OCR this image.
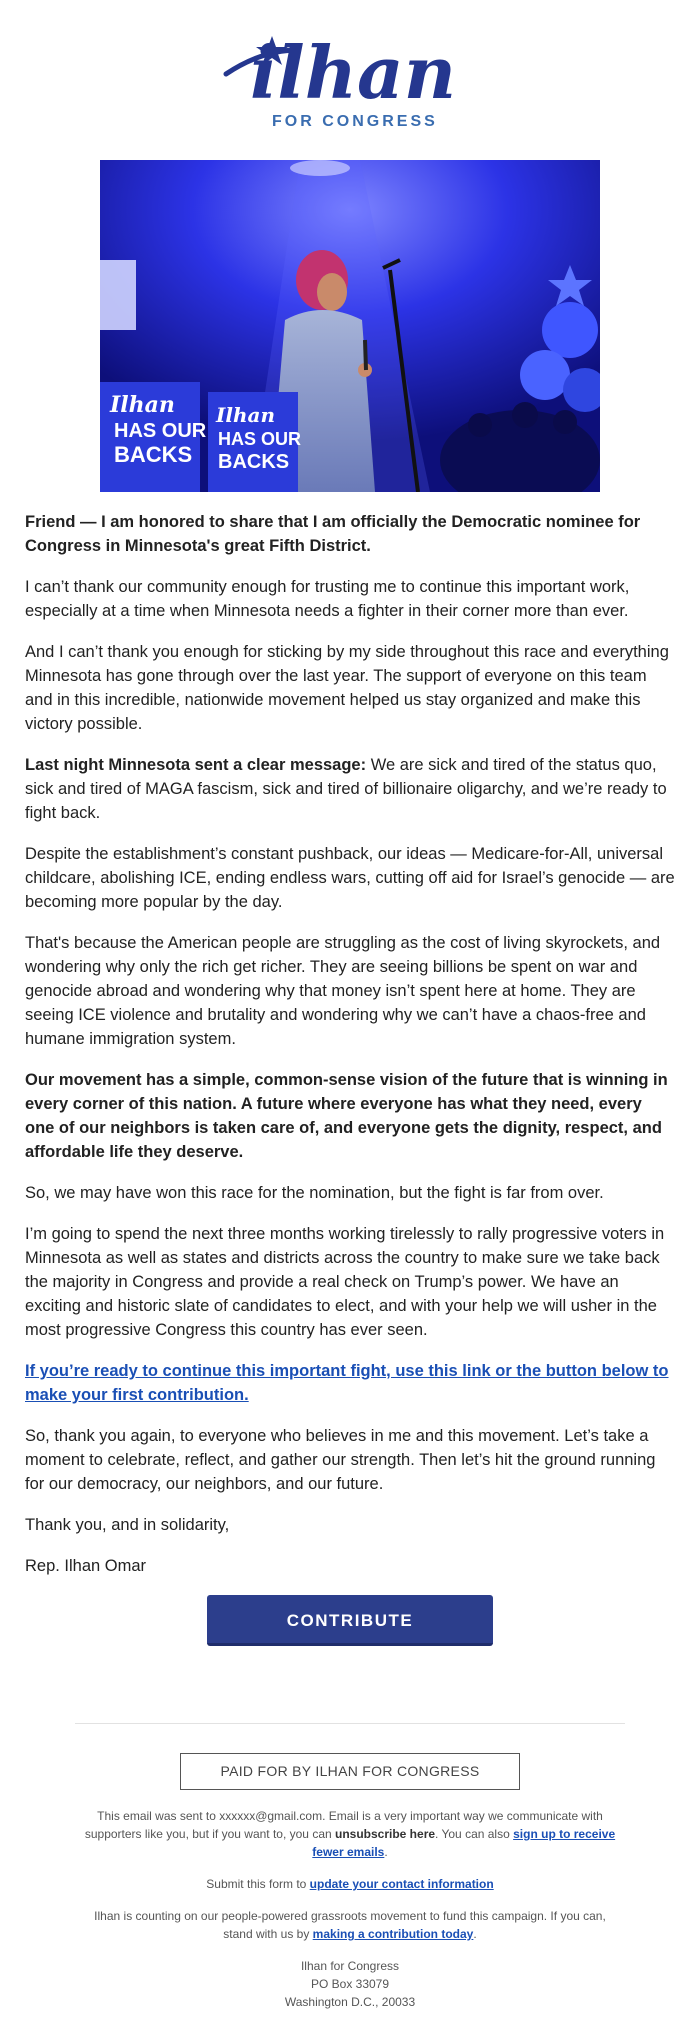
ilhan
FOR CONGRESS
Ilhan
HAS OUR
BACKS
Ilhan
HAS OUR
BACKS

Friend — I am honored to share that I am officially the Democratic nominee for Congress in Minnesota's great Fifth District.

I can’t thank our community enough for trusting me to continue this important work, especially at a time when Minnesota needs a fighter in their corner more than ever.

And I can’t thank you enough for sticking by my side throughout this race and everything Minnesota has gone through over the last year. The support of everyone on this team and in this incredible, nationwide movement helped us stay organized and make this victory possible.

Last night Minnesota sent a clear message: We are sick and tired of the status quo, sick and tired of MAGA fascism, sick and tired of billionaire oligarchy, and we’re ready to fight back.

Despite the establishment’s constant pushback, our ideas — Medicare-for-All, universal childcare, abolishing ICE, ending endless wars, cutting off aid for Israel’s genocide — are becoming more popular by the day.

That's because the American people are struggling as the cost of living skyrockets, and wondering why only the rich get richer. They are seeing billions be spent on war and genocide abroad and wondering why that money isn’t spent here at home. They are seeing ICE violence and brutality and wondering why we can’t have a chaos-free and humane immigration system.

Our movement has a simple, common-sense vision of the future that is winning in every corner of this nation. A future where everyone has what they need, every one of our neighbors is taken care of, and everyone gets the dignity, respect, and affordable life they deserve.

So, we may have won this race for the nomination, but the fight is far from over.

I’m going to spend the next three months working tirelessly to rally progressive voters in Minnesota as well as states and districts across the country to make sure we take back the majority in Congress and provide a real check on Trump’s power. We have an exciting and historic slate of candidates to elect, and with your help we will usher in the most progressive Congress this country has ever seen.

If you’re ready to continue this important fight, use this link or the button below to make your first contribution.

So, thank you again, to everyone who believes in me and this movement. Let’s take a moment to celebrate, reflect, and gather our strength. Then let’s hit the ground running for our democracy, our neighbors, and our future.

Thank you, and in solidarity,

Rep. Ilhan Omar

CONTRIBUTE
PAID FOR BY ILHAN FOR CONGRESS

This email was sent to xxxxxx@gmail.com. Email is a very important way we communicate with supporters like you, but if you want to, you can unsubscribe here. You can also sign up to receive fewer emails.

Submit this form to update your contact information

Ilhan is counting on our people-powered grassroots movement to fund this campaign. If you can, stand with us by making a contribution today.

Ilhan for Congress
PO Box 33079
Washington D.C., 20033
